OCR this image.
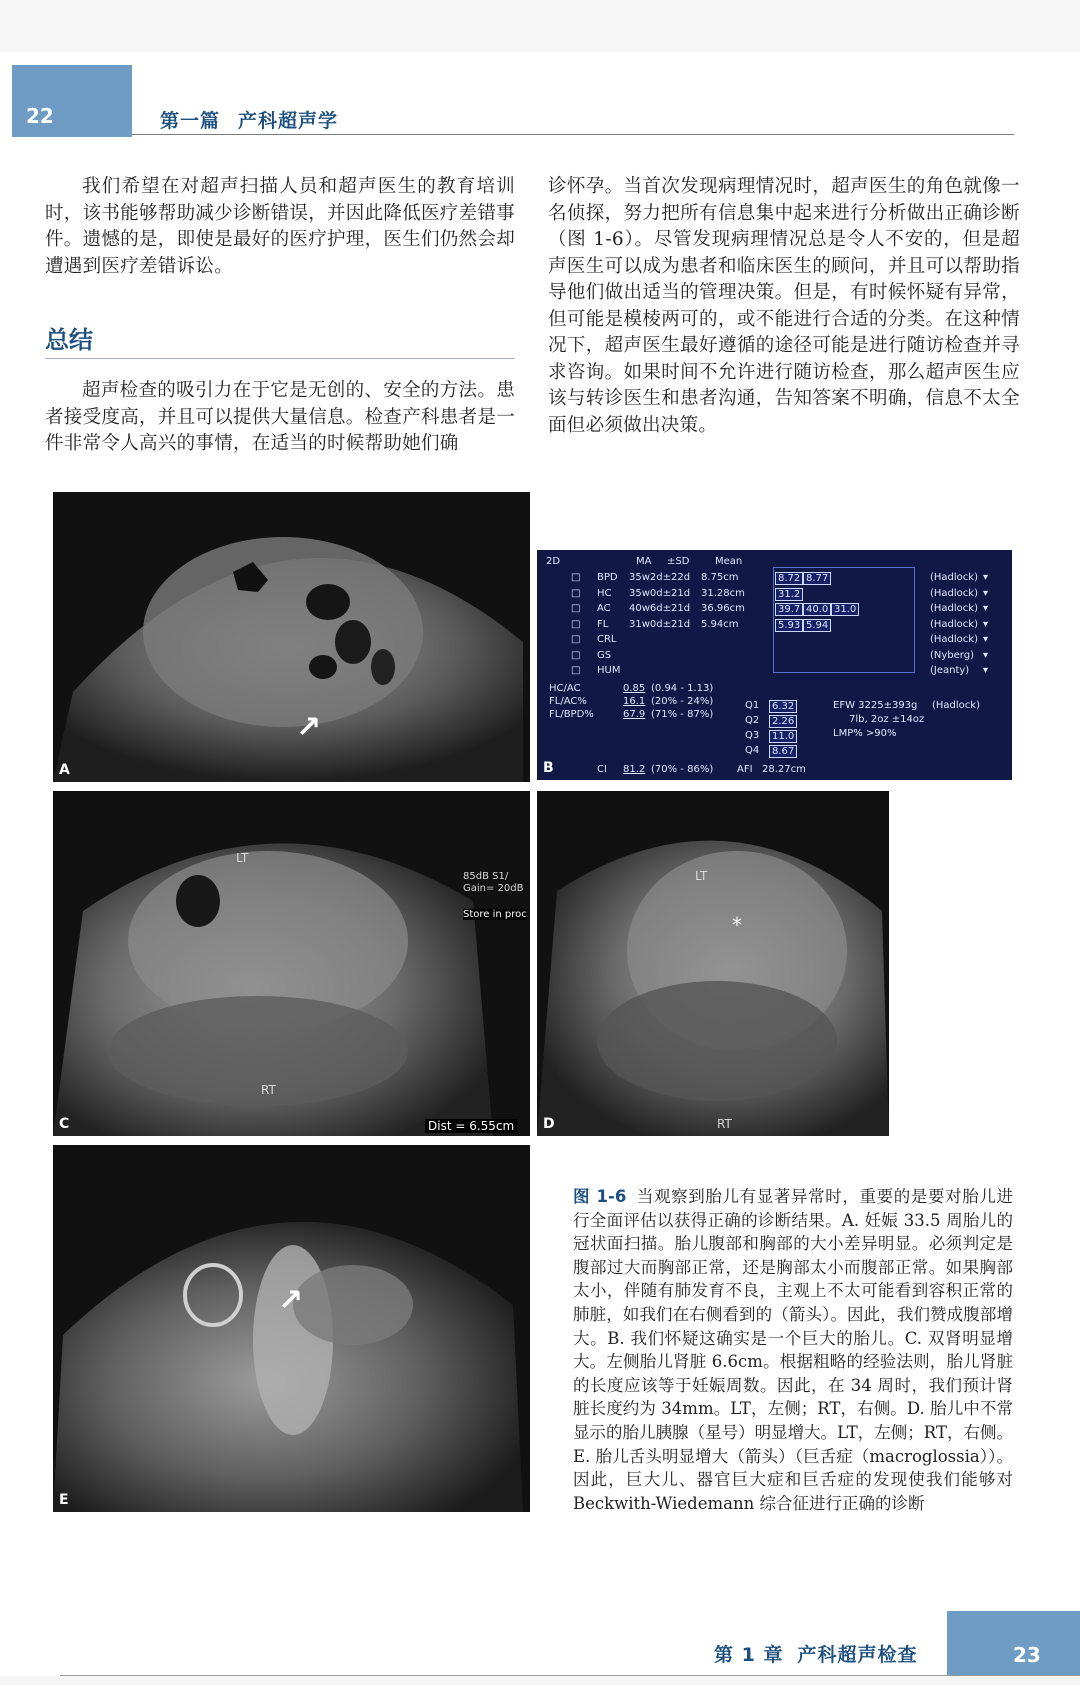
22	第一篇 产科超声学

我们希望在对超声扫描人员和超声医生的教育培训时，该书能够帮助减少诊断错误，并因此降低医疗差错事件。遗憾的是，即使是最好的医疗护理，医生们仍然会却遭遇到医疗差错诉讼。

总结

超声检查的吸引力在于它是无创的、安全的方法。患者接受度高，并且可以提供大量信息。检查产科患者是一件非常令人高兴的事情，在适当的时候帮助她们确

诊怀孕。当首次发现病理情况时，超声医生的角色就像一名侦探，努力把所有信息集中起来进行分析做出正确诊断（图 1-6）。尽管发现病理情况总是令人不安的，但是超声医生可以成为患者和临床医生的顾问，并且可以帮助指导他们做出适当的管理决策。但是，有时候怀疑有异常，但可能是模棱两可的，或不能进行合适的分类。在这种情况下，超声医生最好遵循的途径可能是进行随访检查并寻求咨询。如果时间不允许进行随访检查，那么超声医生应该与转诊医生和患者沟通，告知答案不明确，信息不太全面但必须做出决策。

↗
A
2D	MA ±SD	Mean
□ BPD 35w2d±22d 8.75cm	8.72 8.77	(Hadlock) ▾
□ HC 35w0d±21d 31.28cm	31.2	(Hadlock) ▾
□ AC 40w6d±21d 36.96cm	39.7 40.0 31.0	(Hadlock) ▾
□ FL 31w0d±21d 5.94cm	5.93 5.94	(Hadlock) ▾
□ CRL	(Hadlock) ▾
□ GS	(Nyberg) ▾
□ HUM	(Jeanty) ▾
HC/AC	0.85 (0.94 - 1.13)
FL/AC%	16.1 (20% - 24%)
FL/BPD%	67.9 (71% - 87%)
CI 81.2 (70% - 86%)
Q1	6.32
Q2	2.26
Q3	11.0
Q4	8.67
AFI 28.27cm
EFW 3225±393g (Hadlock)
7lb, 2oz ±14oz
LMP% >90%
B
LT
RT
85dB S1/
Gain= 20dB
Store in proc
Dist = 6.55cm
C
LT
RT
*
D
↗
E
图 1-6 当观察到胎儿有显著异常时，重要的是要对胎儿进行全面评估以获得正确的诊断结果。A. 妊娠 33.5 周胎儿的冠状面扫描。胎儿腹部和胸部的大小差异明显。必须判定是腹部过大而胸部正常，还是胸部太小而腹部正常。如果胸部太小，伴随有肺发育不良，主观上不太可能看到容积正常的肺脏，如我们在右侧看到的（箭头）。因此，我们赞成腹部增大。B. 我们怀疑这确实是一个巨大的胎儿。C. 双肾明显增大。左侧胎儿肾脏 6.6cm。根据粗略的经验法则，胎儿肾脏的长度应该等于妊娠周数。因此，在 34 周时，我们预计肾脏长度约为 34mm。LT，左侧；RT，右侧。D. 胎儿中不常显示的胎儿胰腺（星号）明显增大。LT，左侧；RT，右侧。E. 胎儿舌头明显增大（箭头）（巨舌症（macroglossia））。因此，巨大儿、器官巨大症和巨舌症的发现使我们能够对 Beckwith-Wiedemann 综合征进行正确的诊断
第 1 章 产科超声检查	23
